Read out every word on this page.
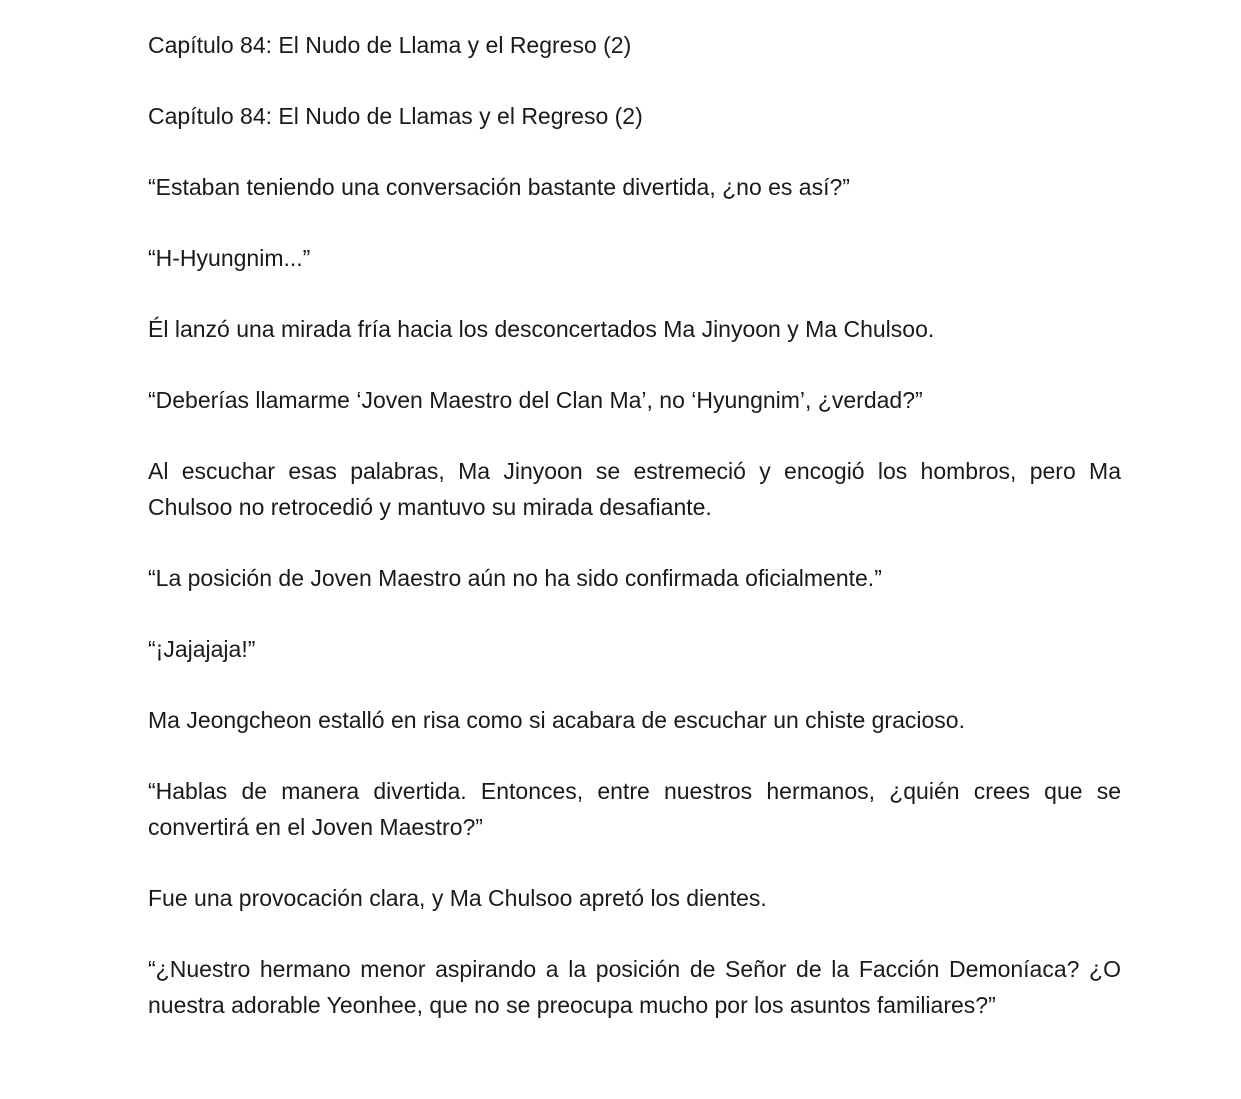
Capítulo 84: El Nudo de Llama y el Regreso (2)

Capítulo 84: El Nudo de Llamas y el Regreso (2)

“Estaban teniendo una conversación bastante divertida, ¿no es así?”

“H-Hyungnim...”

Él lanzó una mirada fría hacia los desconcertados Ma Jinyoon y Ma Chulsoo.

“Deberías llamarme ‘Joven Maestro del Clan Ma’, no ‘Hyungnim’, ¿verdad?”

Al escuchar esas palabras, Ma Jinyoon se estremeció y encogió los hombros, pero Ma Chulsoo no retrocedió y mantuvo su mirada desafiante.

“La posición de Joven Maestro aún no ha sido confirmada oficialmente.”

“¡Jajajaja!”

Ma Jeongcheon estalló en risa como si acabara de escuchar un chiste gracioso.

“Hablas de manera divertida. Entonces, entre nuestros hermanos, ¿quién crees que se convertirá en el Joven Maestro?”

Fue una provocación clara, y Ma Chulsoo apretó los dientes.

“¿Nuestro hermano menor aspirando a la posición de Señor de la Facción Demoníaca? ¿O nuestra adorable Yeonhee, que no se preocupa mucho por los asuntos familiares?”
